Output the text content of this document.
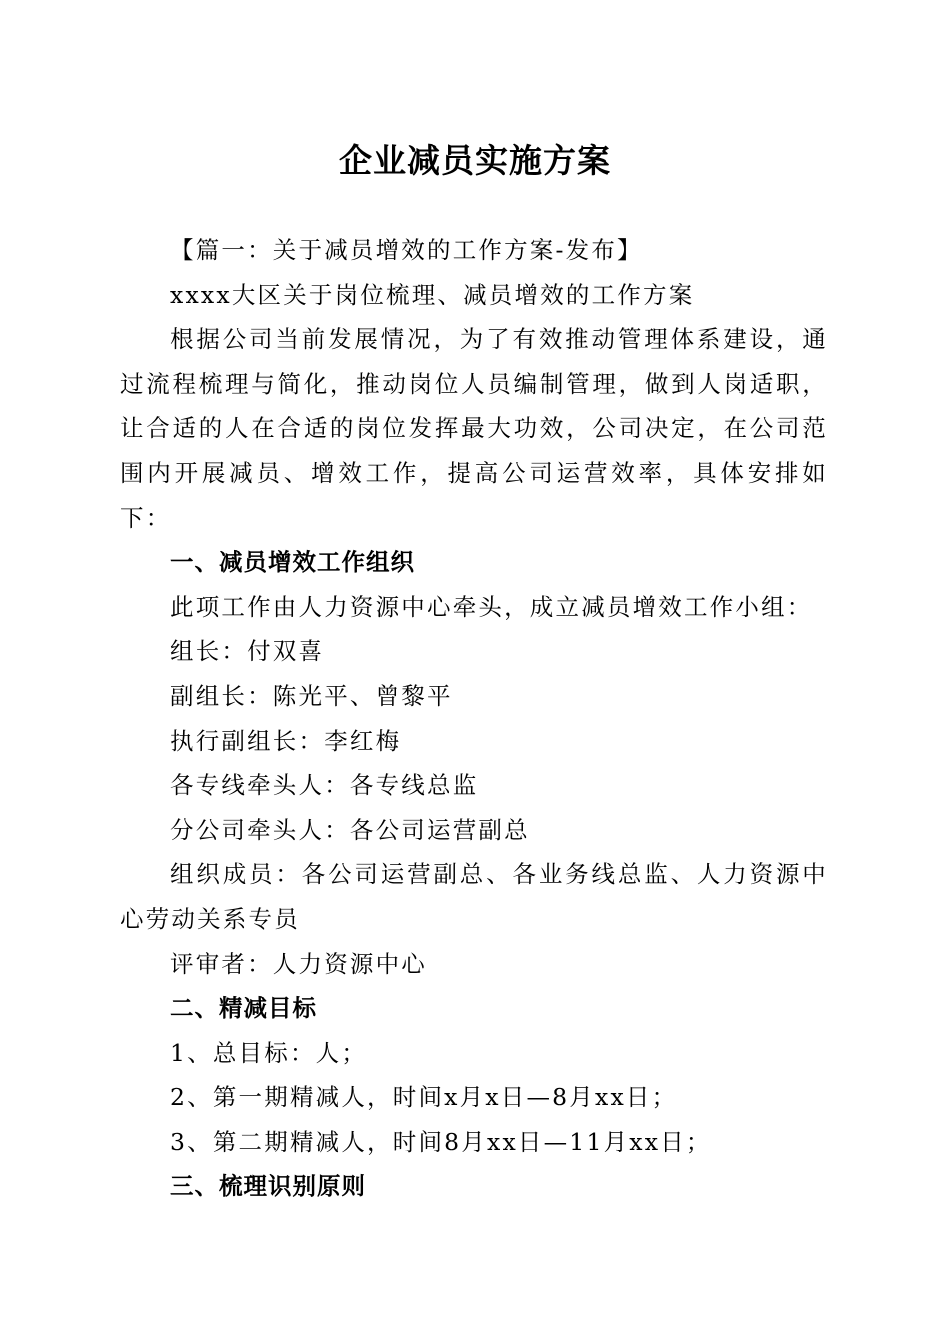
企业减员实施方案

【篇一：关于减员增效的工作方案-发布】

xxxx大区关于岗位梳理、减员增效的工作方案

根据公司当前发展情况，为了有效推动管理体系建设，通过流程梳理与简化，推动岗位人员编制管理，做到人岗适职，让合适的人在合适的岗位发挥最大功效，公司决定，在公司范围内开展减员、增效工作，提高公司运营效率，具体安排如下：

一、减员增效工作组织

此项工作由人力资源中心牵头，成立减员增效工作小组：

组长：付双喜

副组长：陈光平、曾黎平

执行副组长：李红梅

各专线牵头人：各专线总监

分公司牵头人：各公司运营副总

组织成员：各公司运营副总、各业务线总监、人力资源中心劳动关系专员

评审者：人力资源中心

二、精减目标

1、总目标：人；

2、第一期精减人，时间x月x日—8月xx日；

3、第二期精减人，时间8月xx日—11月xx日；

三、梳理识别原则
